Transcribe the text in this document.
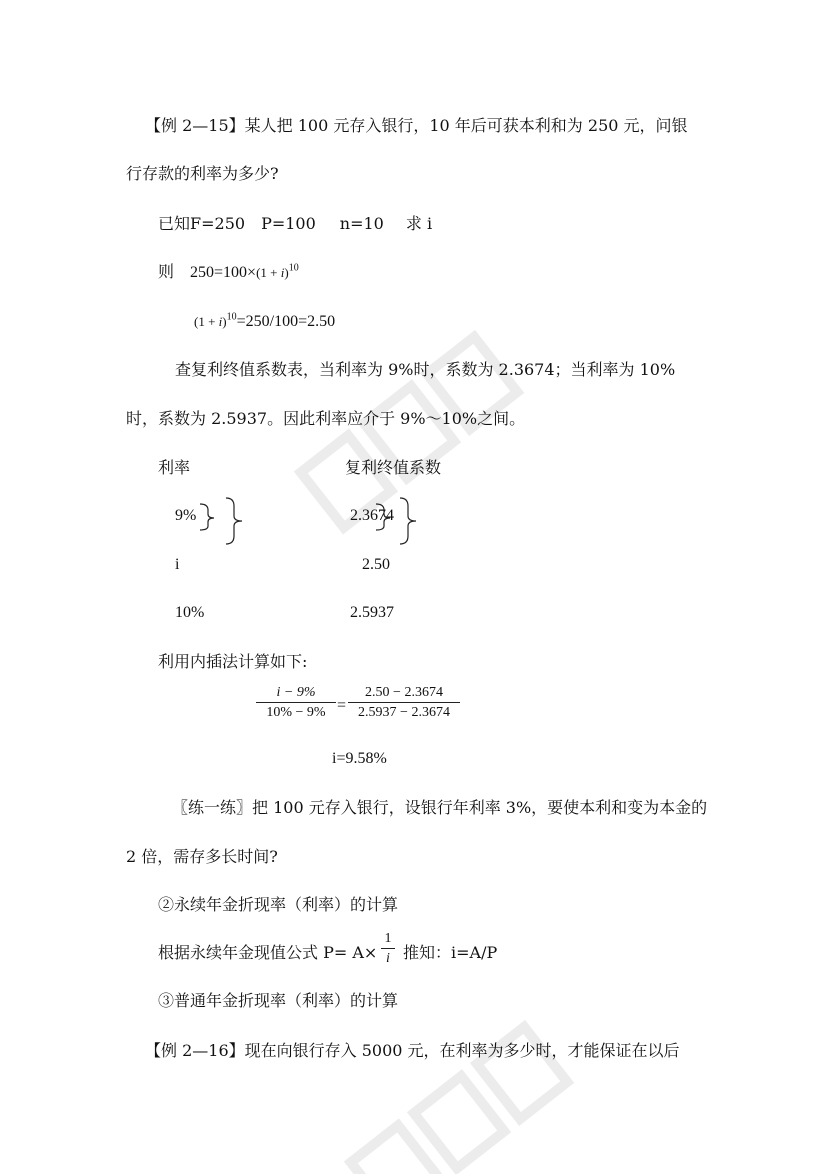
【例 2—15】某人把 100 元存入银行，10 年后可获本利和为 250 元，问银
行存款的利率为多少?
已知F=250 P=100 n=10 求 i
则 $250=100\times(1 + i)^{10}$
$(1 + i)^{10}=250/100=2.50$
查复利终值系数表，当利率为 9%时，系数为 2.3674；当利率为 10%
时，系数为 2.5937。因此利率应介于 9%～10%之间。
利率	复利终值系数
9%	2.3674
i	2.50
10%	2.5937
利用内插法计算如下:
$\frac{i - 9\%}{10\% - 9\%} = \frac{2.50 - 2.3674}{2.5937 - 2.3674}$
i=9.58%
〖练一练〗把 100 元存入银行，设银行年利率 3%，要使本利和变为本金的
2 倍，需存多长时间?
②永续年金折现率（利率）的计算
根据永续年金现值公式 $P= A\times \frac{1}{i}$ 推知：i=A/P
③普通年金折现率（利率）的计算
【例 2—16】现在向银行存入 5000 元，在利率为多少时，才能保证在以后
